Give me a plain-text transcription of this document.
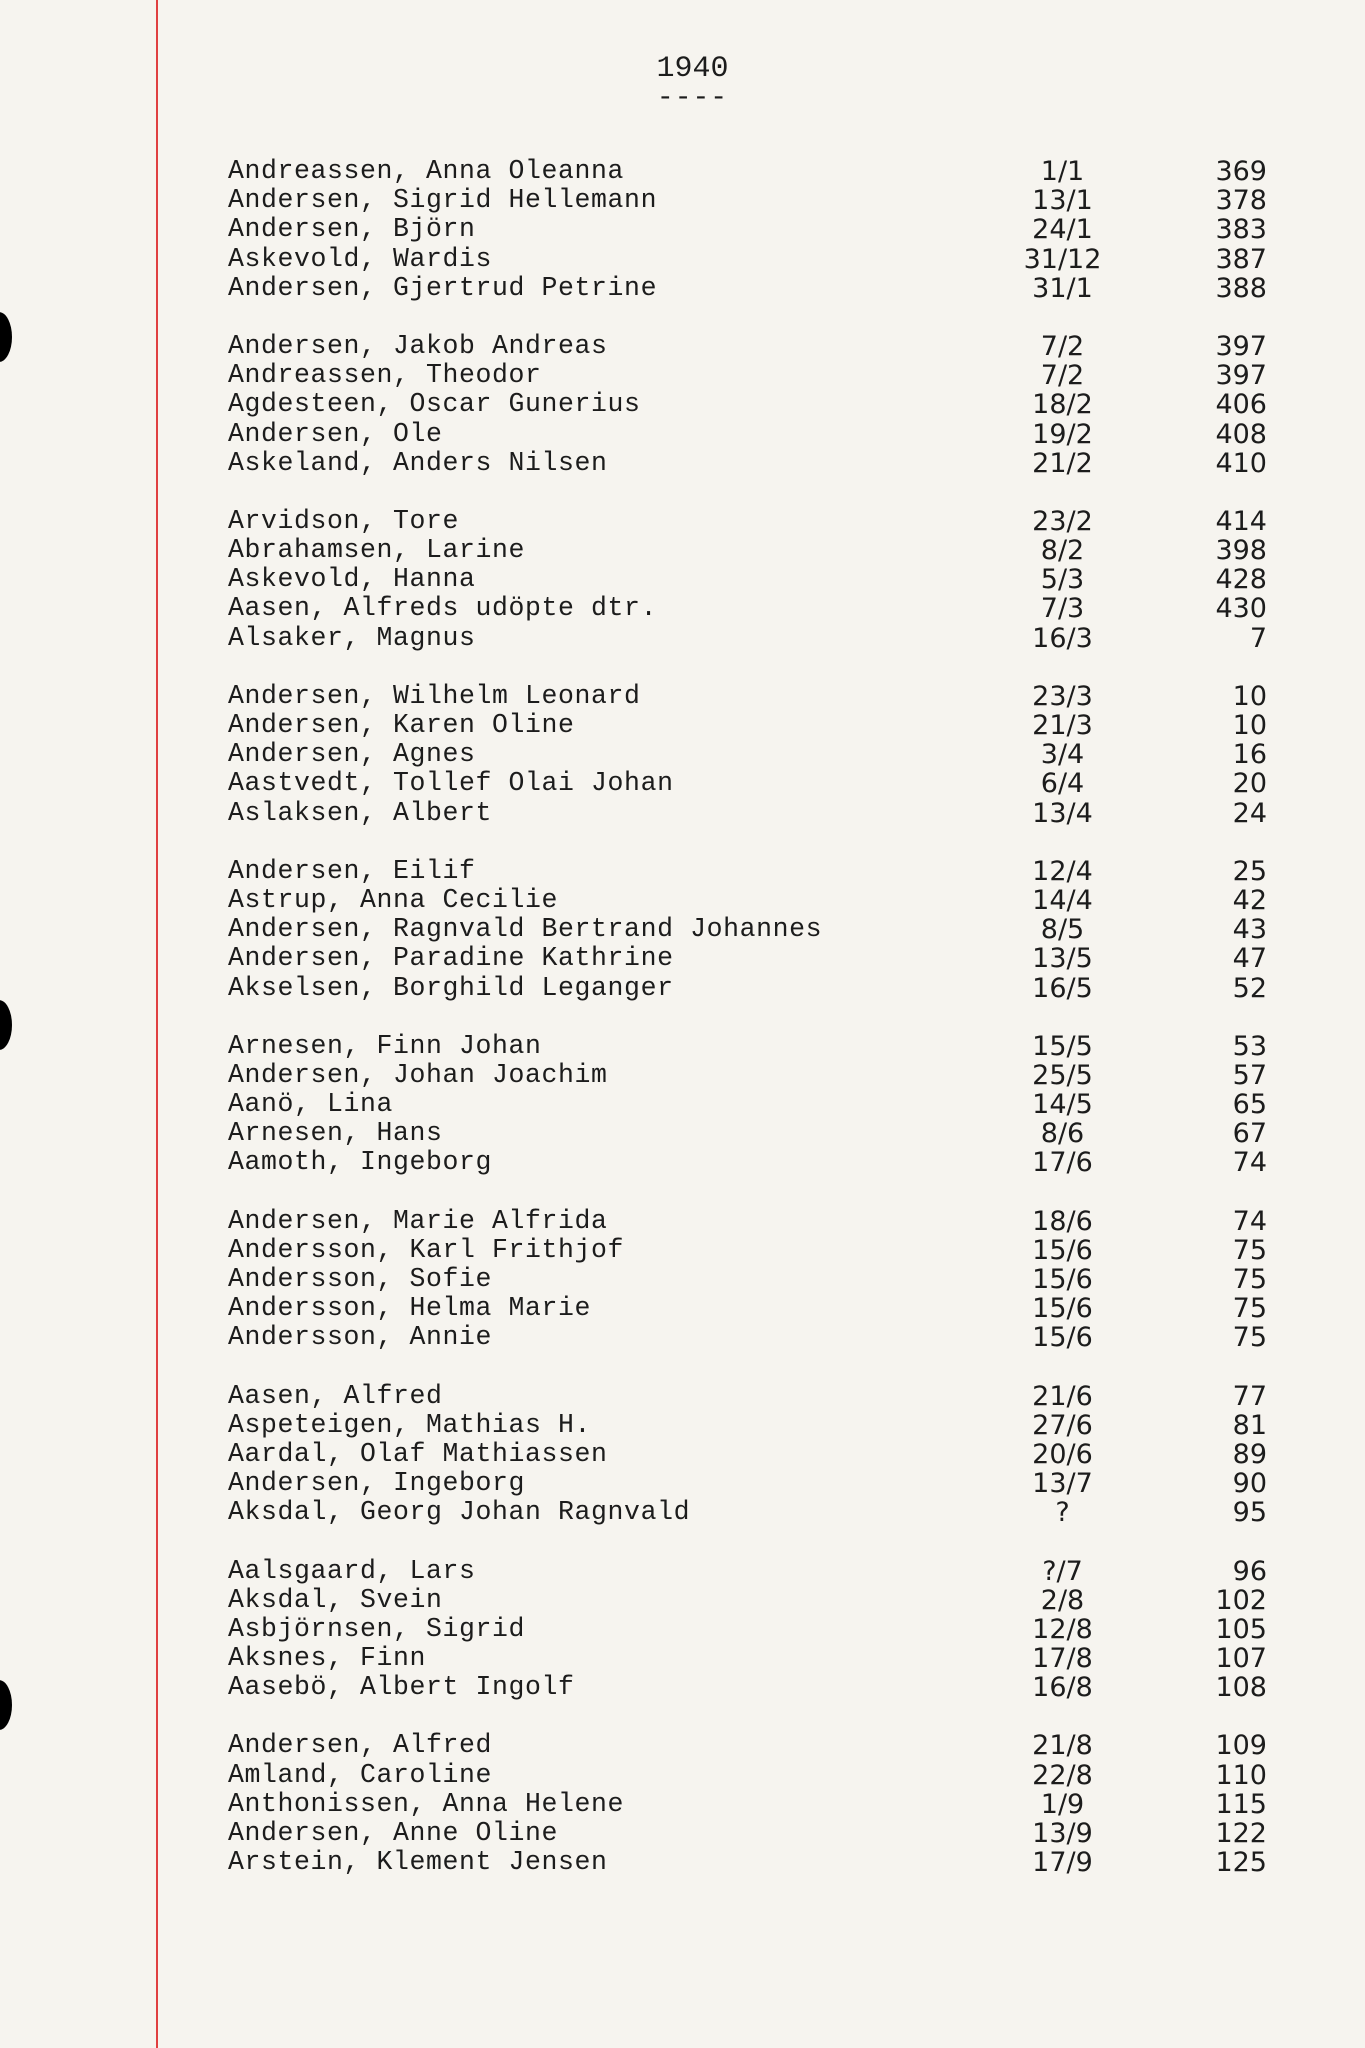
1940
----
Andreassen, Anna Oleanna	1/1	369
Andersen, Sigrid Hellemann	13/1	378
Andersen, Björn	24/1	383
Askevold, Wardis	31/12	387
Andersen, Gjertrud Petrine	31/1	388
Andersen, Jakob Andreas	7/2	397
Andreassen, Theodor	7/2	397
Agdesteen, Oscar Gunerius	18/2	406
Andersen, Ole	19/2	408
Askeland, Anders Nilsen	21/2	410
Arvidson, Tore	23/2	414
Abrahamsen, Larine	8/2	398
Askevold, Hanna	5/3	428
Aasen, Alfreds udöpte dtr.	7/3	430
Alsaker, Magnus	16/3	7
Andersen, Wilhelm Leonard	23/3	10
Andersen, Karen Oline	21/3	10
Andersen, Agnes	3/4	16
Aastvedt, Tollef Olai Johan	6/4	20
Aslaksen, Albert	13/4	24
Andersen, Eilif	12/4	25
Astrup, Anna Cecilie	14/4	42
Andersen, Ragnvald Bertrand Johannes	8/5	43
Andersen, Paradine Kathrine	13/5	47
Akselsen, Borghild Leganger	16/5	52
Arnesen, Finn Johan	15/5	53
Andersen, Johan Joachim	25/5	57
Aanö, Lina	14/5	65
Arnesen, Hans	8/6	67
Aamoth, Ingeborg	17/6	74
Andersen, Marie Alfrida	18/6	74
Andersson, Karl Frithjof	15/6	75
Andersson, Sofie	15/6	75
Andersson, Helma Marie	15/6	75
Andersson, Annie	15/6	75
Aasen, Alfred	21/6	77
Aspeteigen, Mathias H.	27/6	81
Aardal, Olaf Mathiassen	20/6	89
Andersen, Ingeborg	13/7	90
Aksdal, Georg Johan Ragnvald	?	95
Aalsgaard, Lars	?/7	96
Aksdal, Svein	2/8	102
Asbjörnsen, Sigrid	12/8	105
Aksnes, Finn	17/8	107
Aasebö, Albert Ingolf	16/8	108
Andersen, Alfred	21/8	109
Amland, Caroline	22/8	110
Anthonissen, Anna Helene	1/9	115
Andersen, Anne Oline	13/9	122
Arstein, Klement Jensen	17/9	125
